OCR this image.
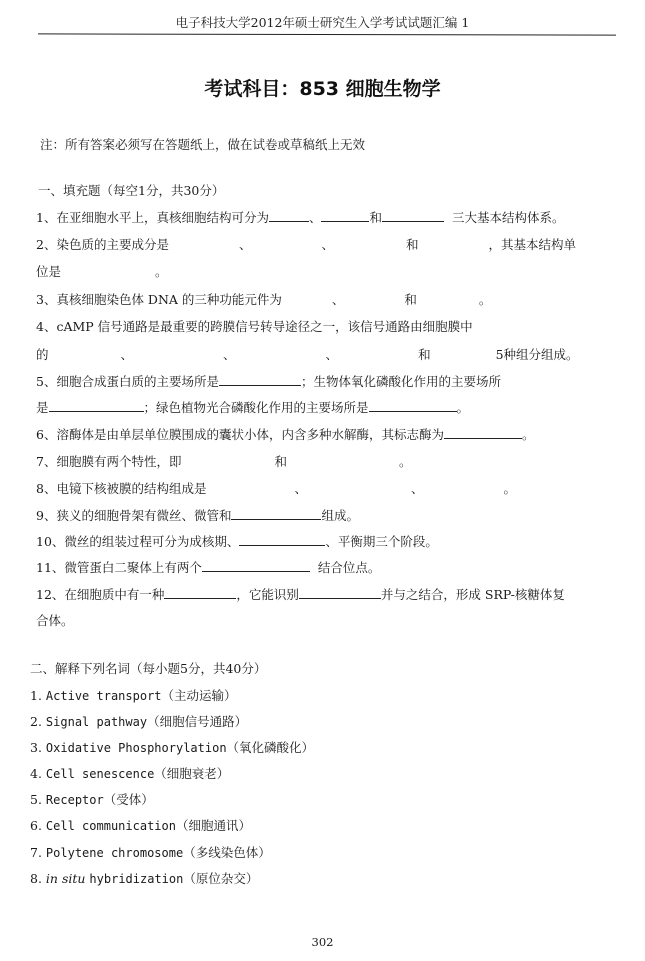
电子科技大学2012年硕士研究生入学考试试题汇编 1
考试科目：853 细胞生物学
注：所有答案必须写在答题纸上，做在试卷或草稿纸上无效
一、填充题（每空1分，共30分）
1、在亚细胞水平上，真核细胞结构可分为	、	和	三大基本结构体系。
2、染色质的主要成分是	、	、	和	，其基本结构单
位是	。
3、真核细胞染色体 DNA 的三种功能元件为	、	和	。
4、cAMP 信号通路是最重要的跨膜信号转导途径之一，该信号通路由细胞膜中
的	、	、	、	和	5种组分组成。
5、细胞合成蛋白质的主要场所是	；生物体氧化磷酸化作用的主要场所
是	；绿色植物光合磷酸化作用的主要场所是	。
6、溶酶体是由单层单位膜围成的囊状小体，内含多种水解酶，其标志酶为	。
7、细胞膜有两个特性，即	和	。
8、电镜下核被膜的结构组成是	、	、	。
9、狭义的细胞骨架有微丝、微管和	组成。
10、微丝的组装过程可分为成核期、	、平衡期三个阶段。
11、微管蛋白二聚体上有两个	结合位点。
12、在细胞质中有一种	，它能识别	并与之结合，形成 SRP-核糖体复
合体。
二、解释下列名词（每小题5分，共40分）
1. Active transport（主动运输）
2. Signal pathway（细胞信号通路）
3. Oxidative Phosphorylation（氧化磷酸化）
4. Cell senescence（细胞衰老）
5. Receptor（受体）
6. Cell communication（细胞通讯）
7. Polytene chromosome（多线染色体）
8. in situ hybridization（原位杂交）
302
